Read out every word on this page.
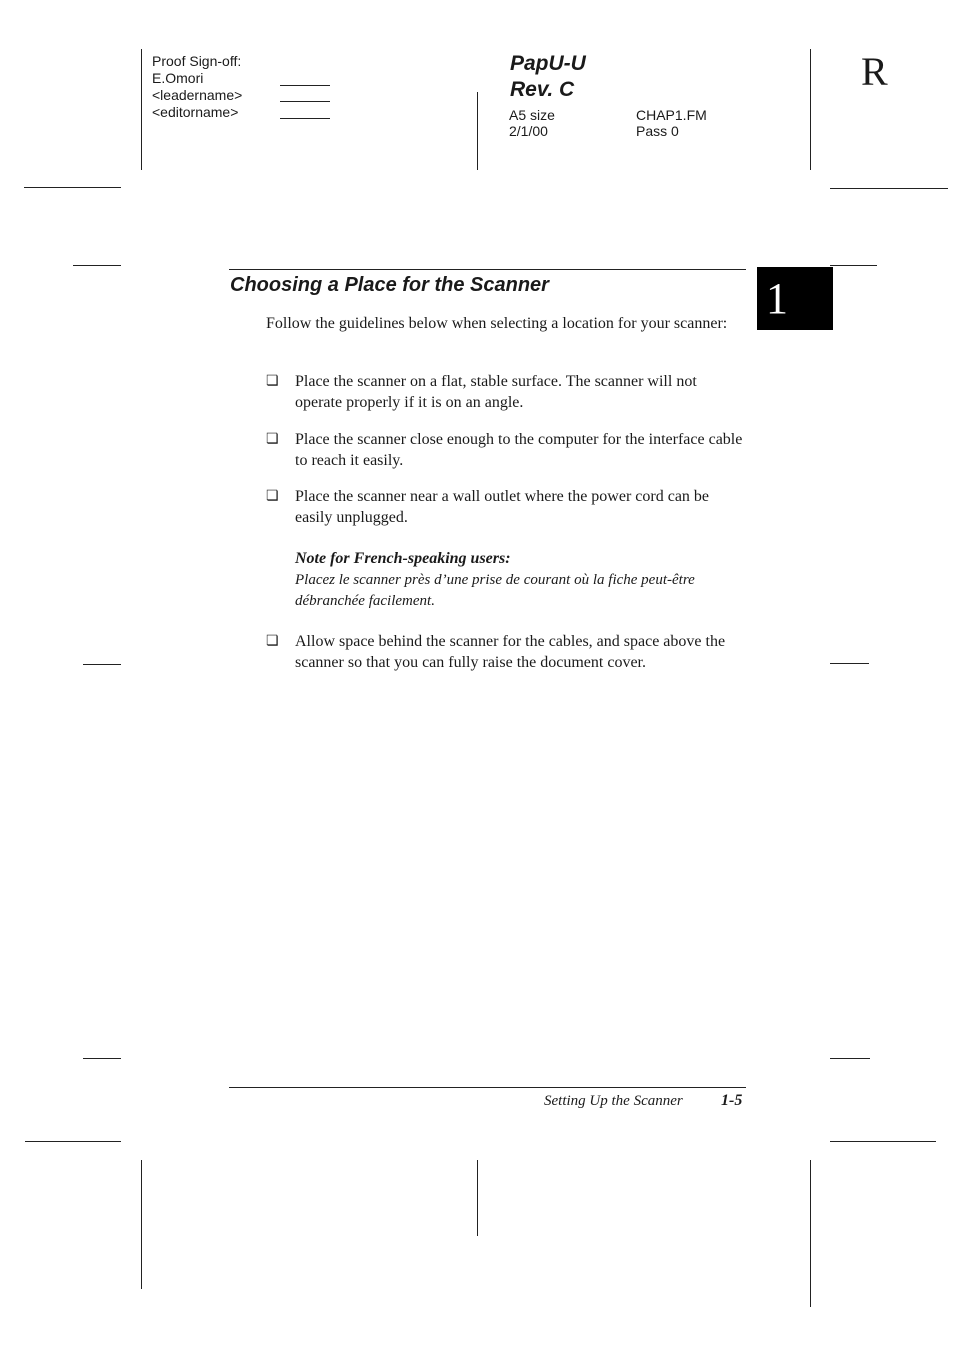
Proof Sign-off:
E.Omori
<leadername>
<editorname>
PapU-U
Rev. C
A5 size
2/1/00
CHAP1.FM
Pass 0
R
1
Choosing a Place for the Scanner
Follow the guidelines below when selecting a location for your scanner:
❏ Place the scanner on a flat, stable surface. The scanner will not operate properly if it is on an angle.
❏ Place the scanner close enough to the computer for the interface cable to reach it easily.
❏ Place the scanner near a wall outlet where the power cord can be easily unplugged.
Note for French-speaking users:
Placez le scanner près d’une prise de courant où la fiche peut-être débranchée facilement.
❏ Allow space behind the scanner for the cables, and space above the scanner so that you can fully raise the document cover.
Setting Up the Scanner 1-5
